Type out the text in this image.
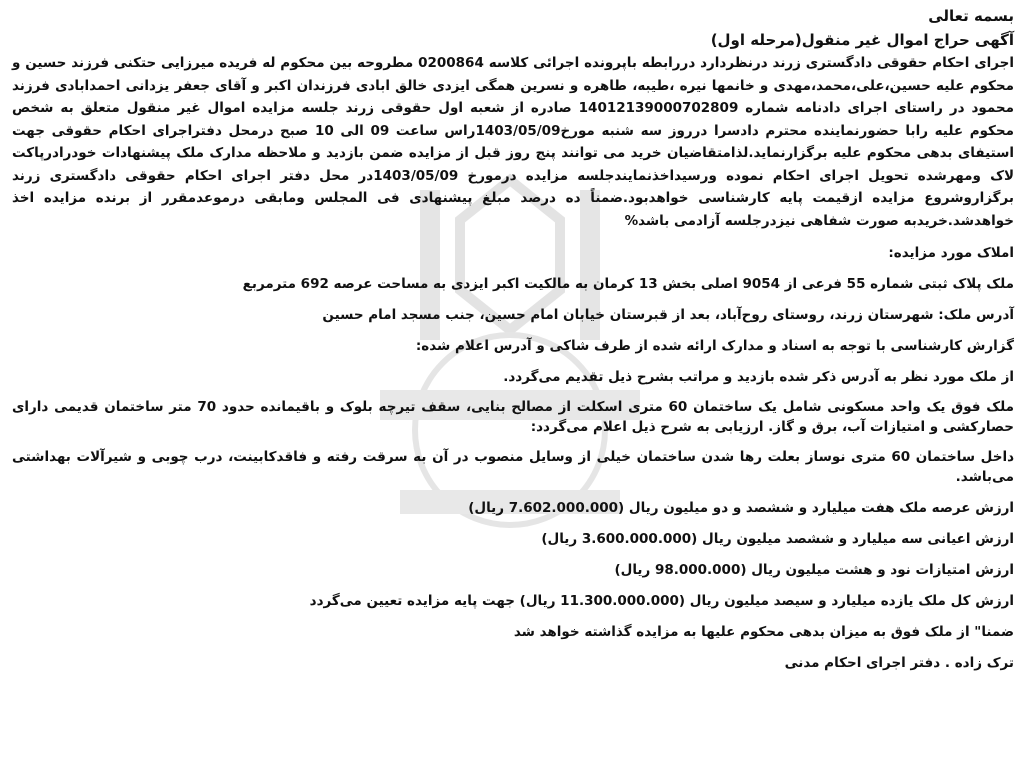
بسمه تعالی

آگهی حراج اموال غیر منقول(مرحله اول)

اجرای احکام حقوقی دادگستری زرند درنظردارد دررابطه باپرونده اجرائی کلاسه 0200864 مطروحه بین محکوم له فریده میرزایی حتکنی فرزند حسین و محکوم علیه حسین،علی،محمد،مهدی و خانمها نیره ،طیبه، طاهره و نسرین همگی ایزدی خالق ابادی فرزندان اکبر و آقای جعفر یزدانی احمدابادی فرزند محمود در راستای اجرای دادنامه شماره 14012139000702809 صادره از شعبه اول حقوقی زرند جلسه مزایده اموال غیر منقول متعلق به شخص محکوم علیه رابا حضورنماینده محترم دادسرا درروز سه شنبه مورخ1403/05/09راس ساعت 09 الی 10 صبح درمحل دفتراجرای احکام حقوقی جهت استیفای بدهی محکوم علیه برگزارنماید.لذامتقاضیان خرید می توانند پنج روز قبل از مزایده ضمن بازدید و ملاحظه مدارک ملک پیشنهادات خودرادرپاکت لاک ومهرشده تحویل اجرای احکام نموده ورسیداخذنمایندجلسه مزایده درمورخ 1403/05/09در محل دفتر اجرای احکام حقوقی دادگستری زرند برگزاروشروع مزایده ازقیمت پایه کارشناسی خواهدبود.ضمناً ده درصد مبلغ پیشنهادی فی المجلس ومابقی درموعدمقرر از برنده مزایده اخذ خواهدشد.خریدبه صورت شفاهی نیزدرجلسه آزادمی باشد%

املاک مورد مزایده:

ملک پلاک ثبتی شماره 55 فرعی از 9054 اصلی بخش 13 کرمان به مالکیت اکبر ایزدی به مساحت عرصه 692 مترمربع

آدرس ملک: شهرستان زرند، روستای روح‌آباد، بعد از قبرستان خیابان امام حسین، جنب مسجد امام حسین

گزارش کارشناسی با توجه به اسناد و مدارک ارائه شده از طرف شاکی و آدرس اعلام شده:

از ملک مورد نظر به آدرس ذکر شده بازدید و مراتب بشرح ذیل تقدیم می‌گردد.

ملک فوق یک واحد مسکونی شامل یک ساختمان 60 متری اسکلت از مصالح بنایی، سقف تیرچه بلوک و باقیمانده حدود 70 متر ساختمان قدیمی دارای حصارکشی و امتیازات آب، برق و گاز. ارزیابی به شرح ذیل اعلام می‌گردد:

داخل ساختمان 60 متری نوساز بعلت رها شدن ساختمان خیلی از وسایل منصوب در آن به سرقت رفته و فاقدکابینت، درب چوبی و شیرآلات بهداشتی می‌باشد.

ارزش عرصه ملک هفت میلیارد و ششصد و دو میلیون ریال (7.602.000.000 ریال)

ارزش اعیانی سه میلیارد و ششصد میلیون ریال (3.600.000.000 ریال)

ارزش امتیازات نود و هشت میلیون ریال (98.000.000 ریال)

ارزش کل ملک یازده میلیارد و سیصد میلیون ریال (11.300.000.000 ریال) جهت پایه مزایده تعیین می‌گردد

ضمنا" از ملک فوق به میزان بدهی محکوم علیها به مزایده گذاشته خواهد شد

ترک زاده . دفتر اجرای احکام مدنی
